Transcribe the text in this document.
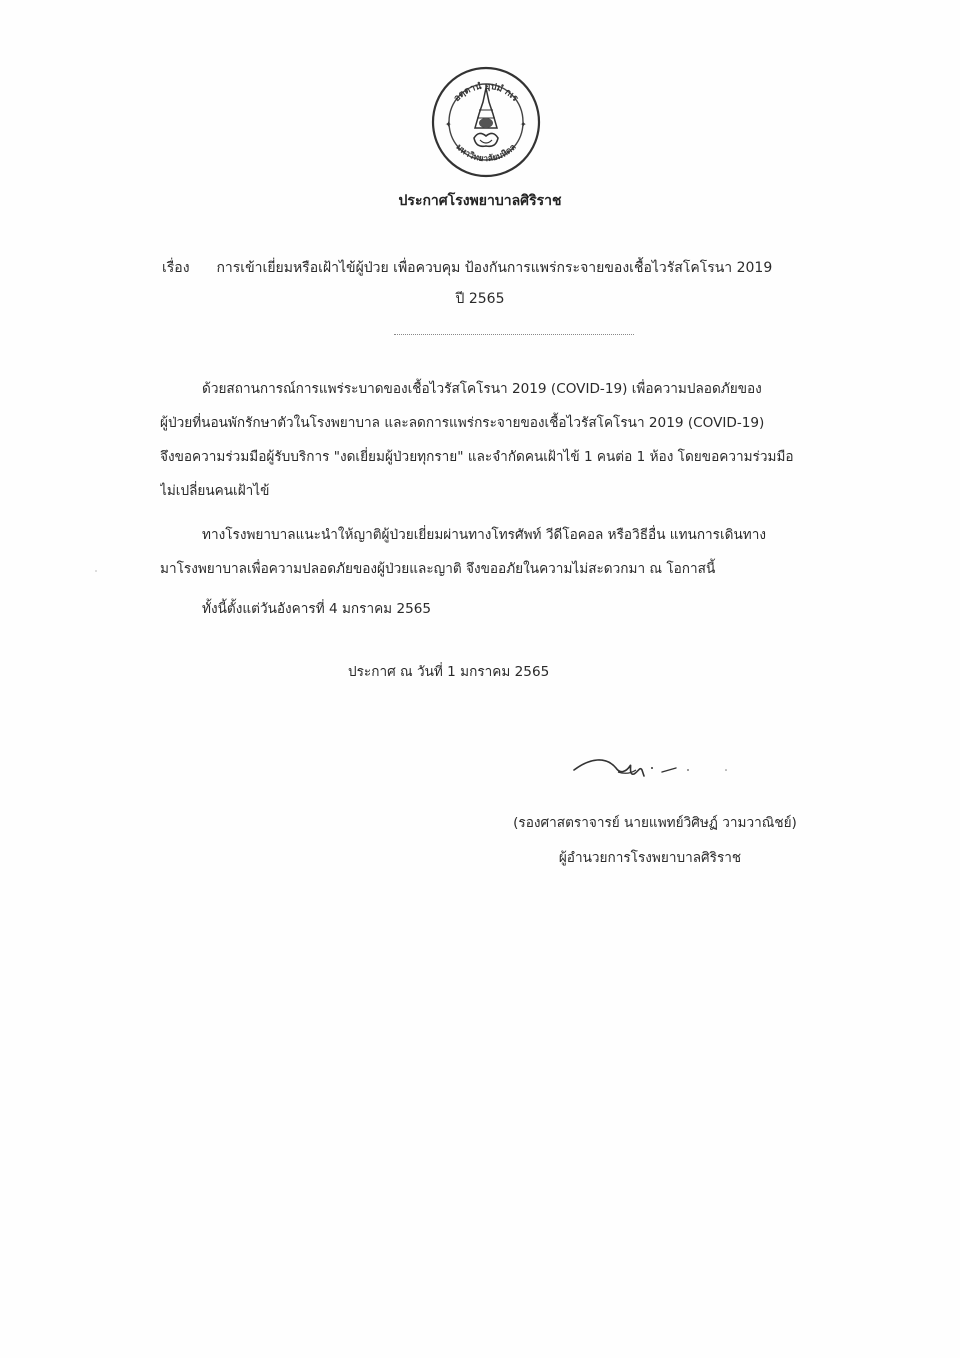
อตฺตานํ อุปมํ กเร
มหาวิทยาลัยมหิดล
✦	✦
ประกาศโรงพยาบาลศิริราช
เรื่อง การเข้าเยี่ยมหรือเฝ้าไข้ผู้ป่วย เพื่อควบคุม ป้องกันการแพร่กระจายของเชื้อไวรัสโคโรนา 2019
ปี 2565
ด้วยสถานการณ์การแพร่ระบาดของเชื้อไวรัสโคโรนา 2019 (COVID-19) เพื่อความปลอดภัยของ
ผู้ป่วยที่นอนพักรักษาตัวในโรงพยาบาล และลดการแพร่กระจายของเชื้อไวรัสโคโรนา 2019 (COVID-19)
จึงขอความร่วมมือผู้รับบริการ "งดเยี่ยมผู้ป่วยทุกราย" และจำกัดคนเฝ้าไข้ 1 คนต่อ 1 ห้อง โดยขอความร่วมมือ
ไม่เปลี่ยนคนเฝ้าไข้
ทางโรงพยาบาลแนะนำให้ญาติผู้ป่วยเยี่ยมผ่านทางโทรศัพท์ วีดีโอคอล หรือวิธีอื่น แทนการเดินทาง
มาโรงพยาบาลเพื่อความปลอดภัยของผู้ป่วยและญาติ จึงขออภัยในความไม่สะดวกมา ณ โอกาสนี้
ทั้งนี้ตั้งแต่วันอังคารที่ 4 มกราคม 2565
ประกาศ ณ วันที่ 1 มกราคม 2565
(รองศาสตราจารย์ นายแพทย์วิศิษฏ์ วามวาณิชย์)
ผู้อำนวยการโรงพยาบาลศิริราช
